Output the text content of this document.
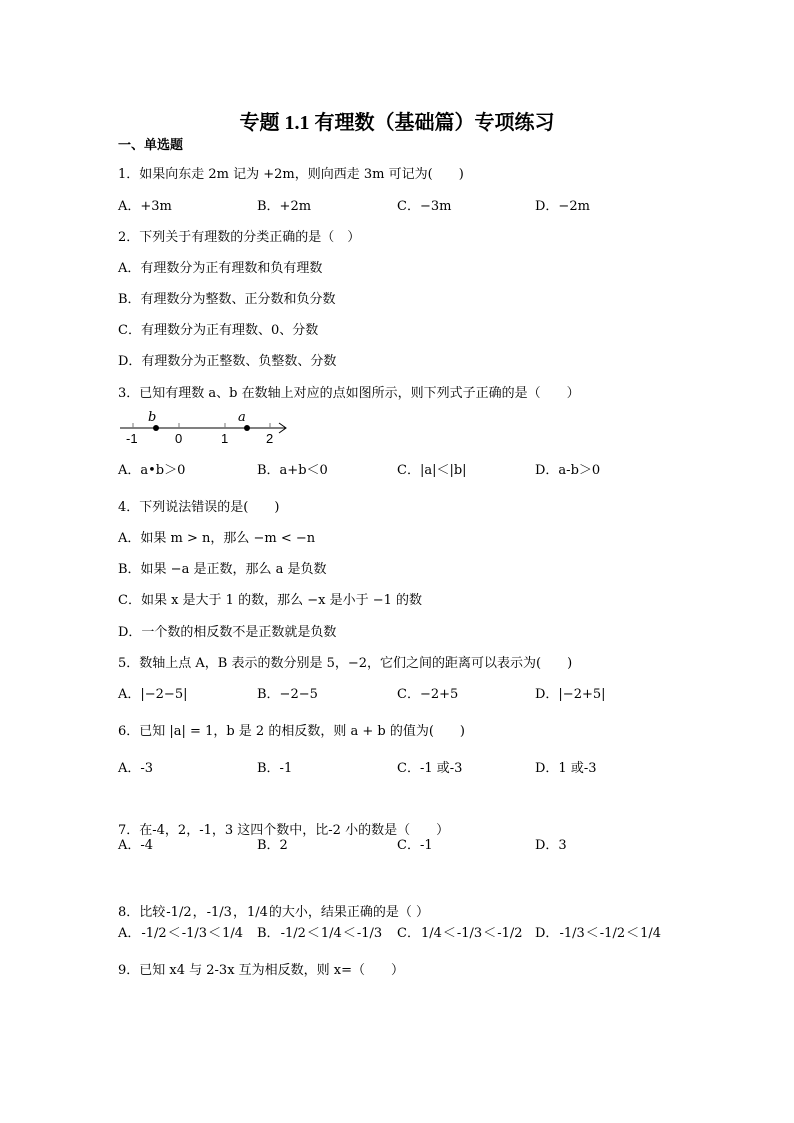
专题 1.1 有理数（基础篇）专项练习
一、单选题
1．如果向东走 2m 记为 +2m，则向西走 3m 可记为(　　)
A．+3m	B．+2m	C．−3m	D．−2m
2．下列关于有理数的分类正确的是（　）
A．有理数分为正有理数和负有理数
B．有理数分为整数、正分数和负分数
C．有理数分为正有理数、0、分数
D．有理数分为正整数、负整数、分数
3．已知有理数 a、b 在数轴上对应的点如图所示，则下列式子正确的是（　　）
-1	0	1	2
b	a
A．a•b＞0	B．a+b＜0	C．|a|＜|b|	D．a-b＞0
4．下列说法错误的是(　　)
A．如果 m > n，那么 −m < −n
B．如果 −a 是正数，那么 a 是负数
C．如果 x 是大于 1 的数，那么 −x 是小于 −1 的数
D．一个数的相反数不是正数就是负数
5．数轴上点 A，B 表示的数分别是 5，−2，它们之间的距离可以表示为(　　)
A．|−2−5|	B．−2−5	C．−2+5	D．|−2+5|
6．已知 |a| = 1，b 是 2 的相反数，则 a + b 的值为(　　)
A．-3	B．-1	C．-1 或-3	D．1 或-3
7．在-4，2，-1，3 这四个数中，比-2 小的数是（　　）
A．-4	B．2	C．-1	D．3
8．比较-1/2，-1/3，1/4的大小，结果正确的是（ ）
A．-1/2＜-1/3＜1/4 B．-1/2＜1/4＜-1/3 C．1/4＜-1/3＜-1/2 D．-1/3＜-1/2＜1/4
9．已知 x4 与 2-3x 互为相反数，则 x=（　　）
